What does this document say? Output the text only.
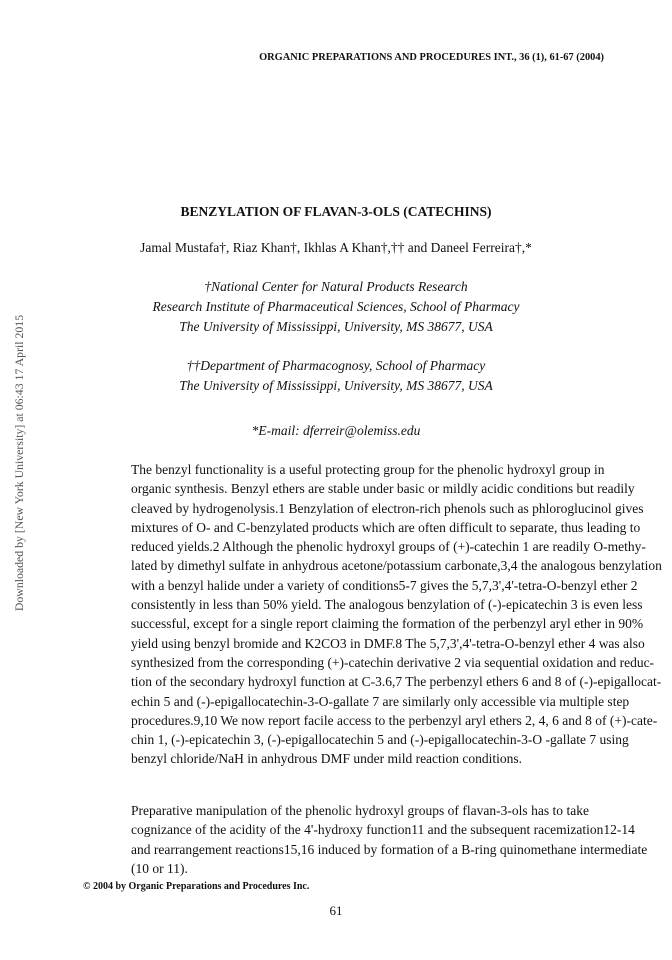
ORGANIC PREPARATIONS AND PROCEDURES INT., 36 (1), 61-67 (2004)
BENZYLATION OF FLAVAN-3-OLS (CATECHINS)
Jamal Mustafa†, Riaz Khan†, Ikhlas A Khan†,†† and Daneel Ferreira†,*
†National Center for Natural Products Research
Research Institute of Pharmaceutical Sciences, School of Pharmacy
The University of Mississippi, University, MS 38677, USA
††Department of Pharmacognosy, School of Pharmacy
The University of Mississippi, University, MS 38677, USA
*E-mail: dferreir@olemiss.edu
Downloaded by [New York University] at 06:43 17 April 2015	The benzyl functionality is a useful protecting group for the phenolic hydroxyl group in
organic synthesis. Benzyl ethers are stable under basic or mildly acidic conditions but readily
cleaved by hydrogenolysis.1 Benzylation of electron-rich phenols such as phloroglucinol gives
mixtures of O- and C-benzylated products which are often difficult to separate, thus leading to
reduced yields.2 Although the phenolic hydroxyl groups of (+)-catechin 1 are readily O-methy-
lated by dimethyl sulfate in anhydrous acetone/potassium carbonate,3,4 the analogous benzylation
with a benzyl halide under a variety of conditions5-7 gives the 5,7,3',4'-tetra-O-benzyl ether 2
consistently in less than 50% yield. The analogous benzylation of (-)-epicatechin 3 is even less
successful, except for a single report claiming the formation of the perbenzyl aryl ether in 90%
yield using benzyl bromide and K2CO3 in DMF.8 The 5,7,3',4'-tetra-O-benzyl ether 4 was also
synthesized from the corresponding (+)-catechin derivative 2 via sequential oxidation and reduc-
tion of the secondary hydroxyl function at C-3.6,7 The perbenzyl ethers 6 and 8 of (-)-epigallocat-
echin 5 and (-)-epigallocatechin-3-O-gallate 7 are similarly only accessible via multiple step
procedures.9,10 We now report facile access to the perbenzyl aryl ethers 2, 4, 6 and 8 of (+)-cate-
chin 1, (-)-epicatechin 3, (-)-epigallocatechin 5 and (-)-epigallocatechin-3-O -gallate 7 using
benzyl chloride/NaH in anhydrous DMF under mild reaction conditions.
Preparative manipulation of the phenolic hydroxyl groups of flavan-3-ols has to take
cognizance of the acidity of the 4'-hydroxy function11 and the subsequent racemization12-14
and rearrangement reactions15,16 induced by formation of a B-ring quinomethane intermediate
(10 or 11).
© 2004 by Organic Preparations and Procedures Inc.
61
